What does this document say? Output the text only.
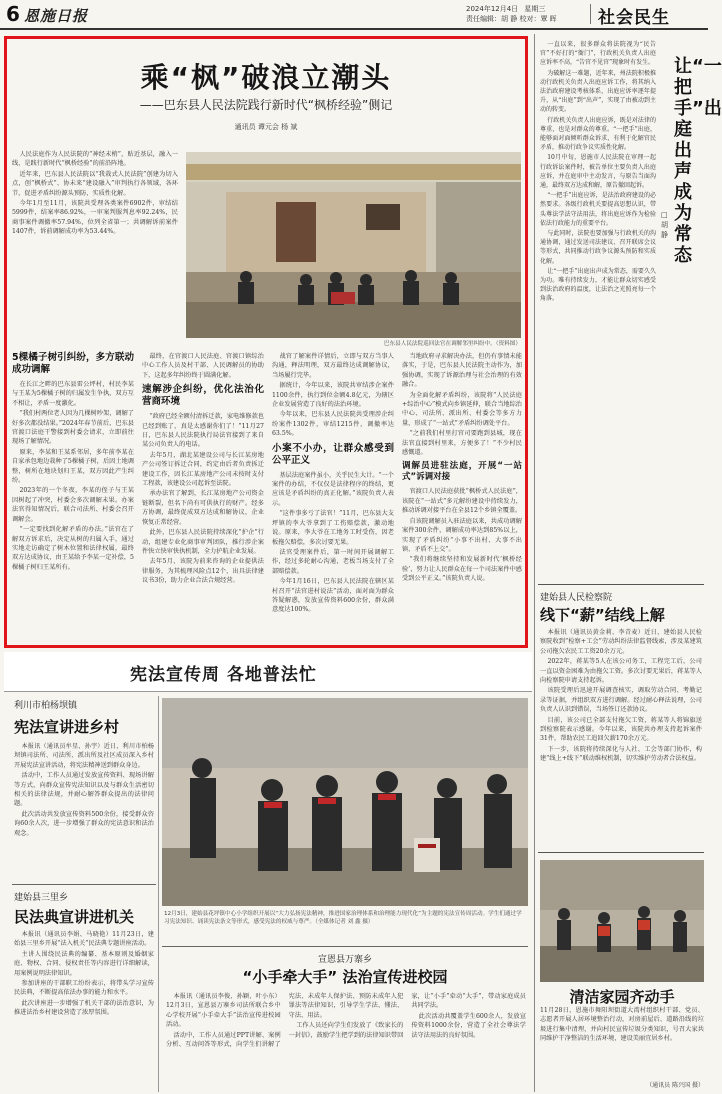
6 恩施日报	2024年12月4日 星期三
责任编辑：胡 静 校对：覃 晖 社会民生
乘“枫”破浪立潮头
——巴东县人民法院践行新时代“枫桥经验”侧记
通讯员 谭元会 杨 斌

人民法庭作为人民法院的“神经末梢”，贴近基层，融入一线，是践行新时代“枫桥经验”的前沿阵地。

近年来，巴东县人民法院以“我栽式人民法院”创建为切入点，创“枫桥式”、协未来“建设融入”审判执行各领域，各环节，促进矛盾纠纷源头预防，实质性化解。

今年1月至11月，该院共受理各类案件6902件，审结结5999件，结案率86.92%，一审案判服判息率92.24%，民商事案件调撤率57.94%，位列全省第一；共调解诉前案件1407件，诉前调解成功率为53.44%。

巴东县人民法院巡回法官在调解邻里纠纷中。（资料图）
5棵橘子树引纠纷，多方联动成功调解

在长江之畔的巴东县雷公坪村，村民李某与王某为5棵橘子树的归属发生争执，双方互不相让，矛盾一度激化。

“我们村两位老人因为几棵树吵架，调解了好多次都没结果。”2024年春节前后，巴东县官渡口法庭干警接到村委会请求，立即前往现场了解情况。

原来，李某和王某系邻居，多年前李某在自家承包地边栽种了5棵橘子树，后因土地调整，树所在地块划归王某，双方因此产生纠纷。

2023年的一个冬夜，李某的侄子与王某因树起了冲突，村委会多次调解未果。办案法官得知情况后，联合司法所、村委会召开调解会。

“一定要找到化解矛盾的办法。”法官在了解双方诉求后，决定从树的归属入手，通过实地走访确定了树木位置和法律权属，最终双方达成协议，由王某给予李某一定补偿，5棵橘子树归王某所有。

最终，在官渡口人民法庭、官渡口镇综治中心工作人员及村干部、人民调解员的协助下，这起多年纠纷终于圆满化解。

速解涉企纠纷，优化法治化营商环境

“政府已经全额付清拆迁款，家电维修款也已经到账了，真是太感谢你们了！”11月27日，巴东县人民法院执行局法官接到了来自某公司负责人的电话。

去年5月，湖北某建设公司与长江某房地产公司签订拆迁合同，约定由后者负责拆迁建设工作，因长江某房地产公司未按时支付工程款，该建设公司起诉至法院。

承办法官了解到，长江某房地产公司资金链断裂，但名下尚有可供执行的财产。经多方协调，最终促成双方达成和解协议，企业恢复正常经营。

此外，巴东县人民法院持续深化“护企”行动，组建专业化商事审判团队，推行涉企案件快立快审快执机制，全力护航企业发展。

去年5月，该院为前来咨询的企业提供法律服务，为其梳理风险点12个，出具法律建议书3份，助力企业合法合规经营。

战官了解案件详情后，立即与双方当事人沟通，释法明理，双方最终达成调解协议，当场履行完毕。

据统计，今年以来，该院共审结涉企案件1100余件，执行到位金额4.8亿元，为辖区企业发展营造了良好的法治环境。

今年以来，巴东县人民法院共受理涉企纠纷案件1302件，审结1215件，调撤率达63.5%。

小案不小办，让群众感受到公平正义

基层法庭案件虽小，关乎民生大计。“一个案件的办结，不仅仅是法律程序的终结，更应该是矛盾纠纷的真正化解。”该院负责人表示。

“这件事多亏了法官！”11月，巴东县大支坪镇的李大爷拿到了工伤赔偿款，激动地说。原来，李大爷在工地务工时受伤，因老板拖欠赔偿，多次讨要无果。

法官受理案件后，第一时间开展调解工作，经过多轮耐心沟通，老板当场支付了全部赔偿款。

今年1月16日，巴东县人民法院在辖区某村召开“法官进村说法”活动，面对面为群众答疑解惑，发放宣传资料600余份，群众满意度达100%。

当地政府寻求解决办法，但仍有事情未能落实，于是，巴东县人民法院主动作为，加强协调，实现了诉源治理与社会治理的有效融合。

为全面化解矛盾纠纷，该院将“人民法庭+综治中心”模式向乡镇延伸，联合当地综治中心、司法所、派出所、村委会等多方力量，形成了“一站式”矛盾纠纷调处平台。

“之前我们村里打官司要跑到县城，现在法官直接到村里来，方便多了！”不少村民感慨道。

调解员进驻法庭，开展“一站式”诉调对接

官渡口人民法庭获批“枫桥式人民法庭”，该院在“一站式”多元解纷建设中持续发力，推动诉调对接平台在全县12个乡镇全覆盖。

自该院调解员入驻法庭以来，共成功调解案件300余件，调解成功率达到85%以上，实现了矛盾纠纷“小事不出村、大事不出镇、矛盾不上交”。

“我们将继续坚持和发展新时代‘枫桥经验’，努力让人民群众在每一个司法案件中感受到公平正义。”该院负责人说。

一直以来，很多群众将法院视为“民告官”不好打的“衙门”，行政机关负责人出庭应诉率不高，“告官不见官”现象时有发生。

为破解这一难题，近年来，州法院积极推动行政机关负责人出庭应诉工作，将其纳入法治政府建设考核体系，出庭应诉率逐年提升，从“出庭”到“出声”，实现了由被动到主动的转变。

行政机关负责人出庭应诉，既是对法律的尊重，也是对群众的尊重。“一把手”出庭，能够面对面倾听群众诉求，有利于化解官民矛盾，推动行政争议实质性化解。

10月中旬，恩施市人民法院在审理一起行政诉讼案件时，被告单位主要负责人出庭应诉，并在庭审中主动发言，与原告当面沟通，最终双方达成和解，原告撤回起诉。

“一把手”出庭应诉，是法治政府建设的必然要求。各级行政机关要提高思想认识，带头尊法学法守法用法，将出庭应诉作为检验依法行政能力的重要平台。

与此同时，法院也要加强与行政机关的沟通协调，通过发送司法建议、召开联席会议等形式，共同推动行政争议源头预防和实质化解。

让“一把手”出庭出声成为常态，需要久久为功。唯有持续发力，才能让群众切实感受到法治政府的温度，让法治之光照亮每一个角落。

让“一把手”出庭出声成为常态
□ 胡 静
建始县人民检察院
线下“薪”结线上解

本报讯（通讯员黄金莉、李青麦）近日，建始县人民检察院收到“检察+工会”劳动纠纷法律监督线索，涉及某建筑公司拖欠农民工工资20余万元。

2022年，蒋某等5人在该公司务工，工程完工后，公司一直以资金困难为由拖欠工资。多次讨要无果后，蒋某等人向检察院申请支持起诉。

该院受理后迅速开展调查核实，调取劳动合同、考勤记录等证据，并组织双方进行调解。经过耐心释法说理，公司负责人认识到错误，当场签订还款协议。

目前，该公司已全部支付拖欠工资，蒋某等人将锦旗送到检察院表示感谢。今年以来，该院共办理支持起诉案件31件，帮助农民工追回欠薪170余万元。

下一步，该院将持续深化与人社、工会等部门协作，构建“线上+线下”联动维权机制，切实维护劳动者合法权益。

宪法宣传周 各地普法忙
利川市柏杨坝镇
宪法宣讲进乡村

本报讯（通讯员牟星、孙宇）近日，利川市柏杨坝镇司法所、司法所、派出所及社区成员深入乡村开展宪法宣讲活动，将宪法精神送到群众身边。

活动中，工作人员通过发放宣传资料、现场讲解等方式，向群众宣传宪法知识以及与群众生活密切相关的法律法规，并耐心解答群众提出的法律问题。

此次活动共发放宣传资料500余份，接受群众咨询60余人次，进一步增强了群众的宪法意识和法治观念。

建始县三里乡
民法典宣讲进机关

本报讯（通讯员李娟、马晓艳）11月23日，建始县三里乡开展“法入机关”民法典专题讲座活动。

主讲人围绕民法典的编纂、基本原则及婚姻家庭、物权、合同、侵权责任等内容进行详细解读，用案例说明法律知识。

参加讲座的干部职工纷纷表示，将带头学习宣传民法典，不断提高依法办事的能力和水平。

此次讲座进一步增强了机关干部的法治意识，为推进法治乡村建设营造了浓厚氛围。

12月3日，建始县花坪镇中心小学组织开展以“大力弘扬宪法精神，推进国家治理体系和治理能力现代化”为主题的宪法宣传周活动。学生们通过学习宪法知识、诵读宪法条文等形式，感受宪法的权威与尊严。（全媒体记者 刘 鑫 摄）
宣恩县万寨乡
“小手牵大手” 法治宣传进校园

本报讯（通讯员李俊、孙颖、叶小东）12月3日，宣恩县万寨乡司法所联合乡中心学校开展“小手牵大手”法治宣传进校园活动。

活动中，工作人员通过PPT讲解、案例分析、互动问答等形式，向学生们讲解了宪法、未成年人保护法、预防未成年人犯罪法等法律知识，引导学生学法、懂法、守法、用法。

工作人员还向学生们发放了《致家长的一封信》，鼓励学生把学到的法律知识带回家，让“小手”牵动“大手”，带动家庭成员共同学法。

此次活动共覆盖学生600余人，发放宣传资料1000余份，营造了全社会尊法学法守法用法的良好氛围。

清洁家园齐动手
11月28日，恩施市舞阳坝街道大湾村组织村干部、党员、志愿者开展人居环境整治行动，对房前屋后、道路沿线的垃圾进行集中清理，并向村民宣传垃圾分类知识，号召大家共同维护干净整洁的生活环境，建设美丽宜居乡村。
（通讯员 陈兴国 摄）
